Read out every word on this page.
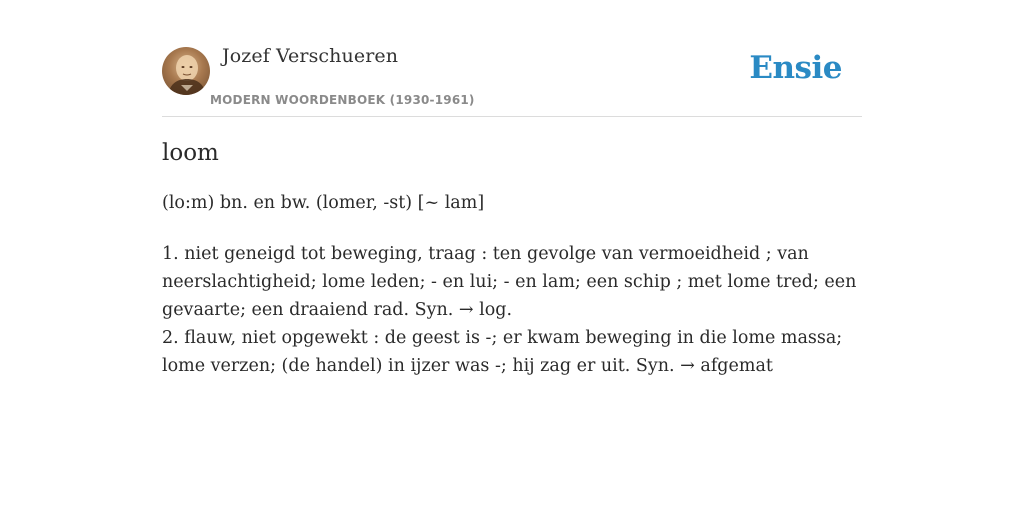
Jozef Verschueren
MODERN WOORDENBOEK (1930-1961)
Ensie
loom
(lo:m) bn. en bw. (lomer, -st) [~ lam]

1. niet geneigd tot beweging, traag : ten gevolge van vermoeidheid ; van neerslachtigheid; lome leden; - en lui; - en lam; een schip ; met lome tred; een gevaarte; een draaiend rad. Syn. → log.

2. flauw, niet opgewekt : de geest is -; er kwam beweging in die lome massa; lome verzen; (de handel) in ijzer was -; hij zag er uit. Syn. → afgemat
